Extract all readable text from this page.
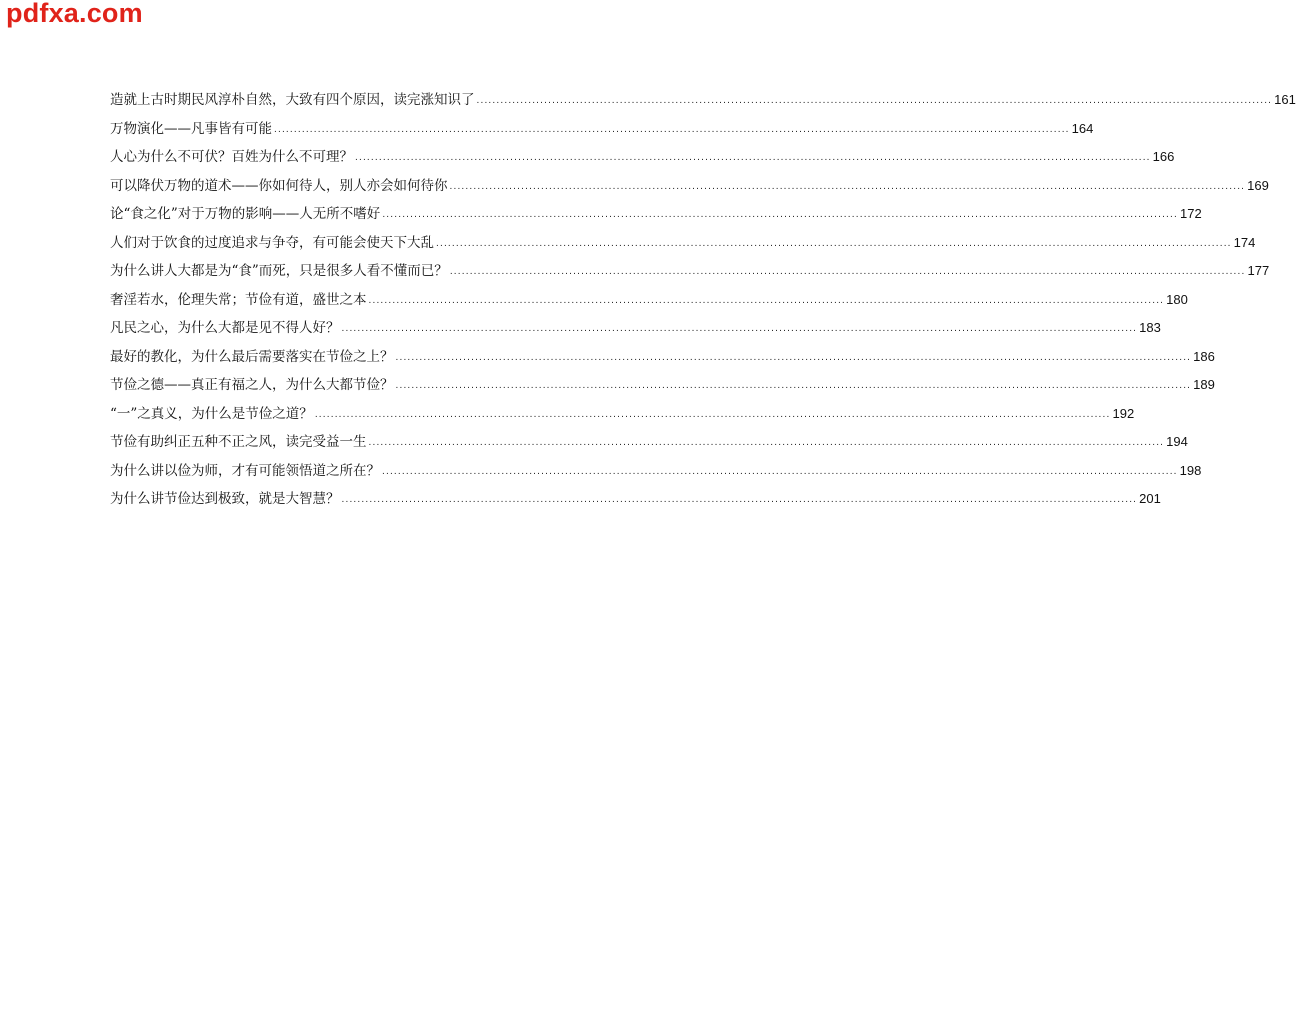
pdfxa.com
造就上古时期民风淳朴自然，大致有四个原因，读完涨知识了 ........................................................................................................................................................................................................ 161
万物演化——凡事皆有可能 ........................................................................................................................................................................................................ 164
人心为什么不可伏？百姓为什么不可理？ ........................................................................................................................................................................................................ 166
可以降伏万物的道术——你如何待人，别人亦会如何待你 ........................................................................................................................................................................................................ 169
论“食之化”对于万物的影响——人无所不嗜好 ........................................................................................................................................................................................................ 172
人们对于饮食的过度追求与争夺，有可能会使天下大乱 ........................................................................................................................................................................................................ 174
为什么讲人大都是为“食”而死，只是很多人看不懂而已？ ........................................................................................................................................................................................................ 177
奢淫若水，伦理失常；节俭有道，盛世之本 ........................................................................................................................................................................................................ 180
凡民之心，为什么大都是见不得人好？ ........................................................................................................................................................................................................ 183
最好的教化，为什么最后需要落实在节俭之上？ ........................................................................................................................................................................................................ 186
节俭之德——真正有福之人，为什么大都节俭？ ........................................................................................................................................................................................................ 189
“一”之真义，为什么是节俭之道？ ........................................................................................................................................................................................................ 192
节俭有助纠正五种不正之风，读完受益一生 ........................................................................................................................................................................................................ 194
为什么讲以俭为师，才有可能领悟道之所在？ ........................................................................................................................................................................................................ 198
为什么讲节俭达到极致，就是大智慧？ ........................................................................................................................................................................................................ 201
